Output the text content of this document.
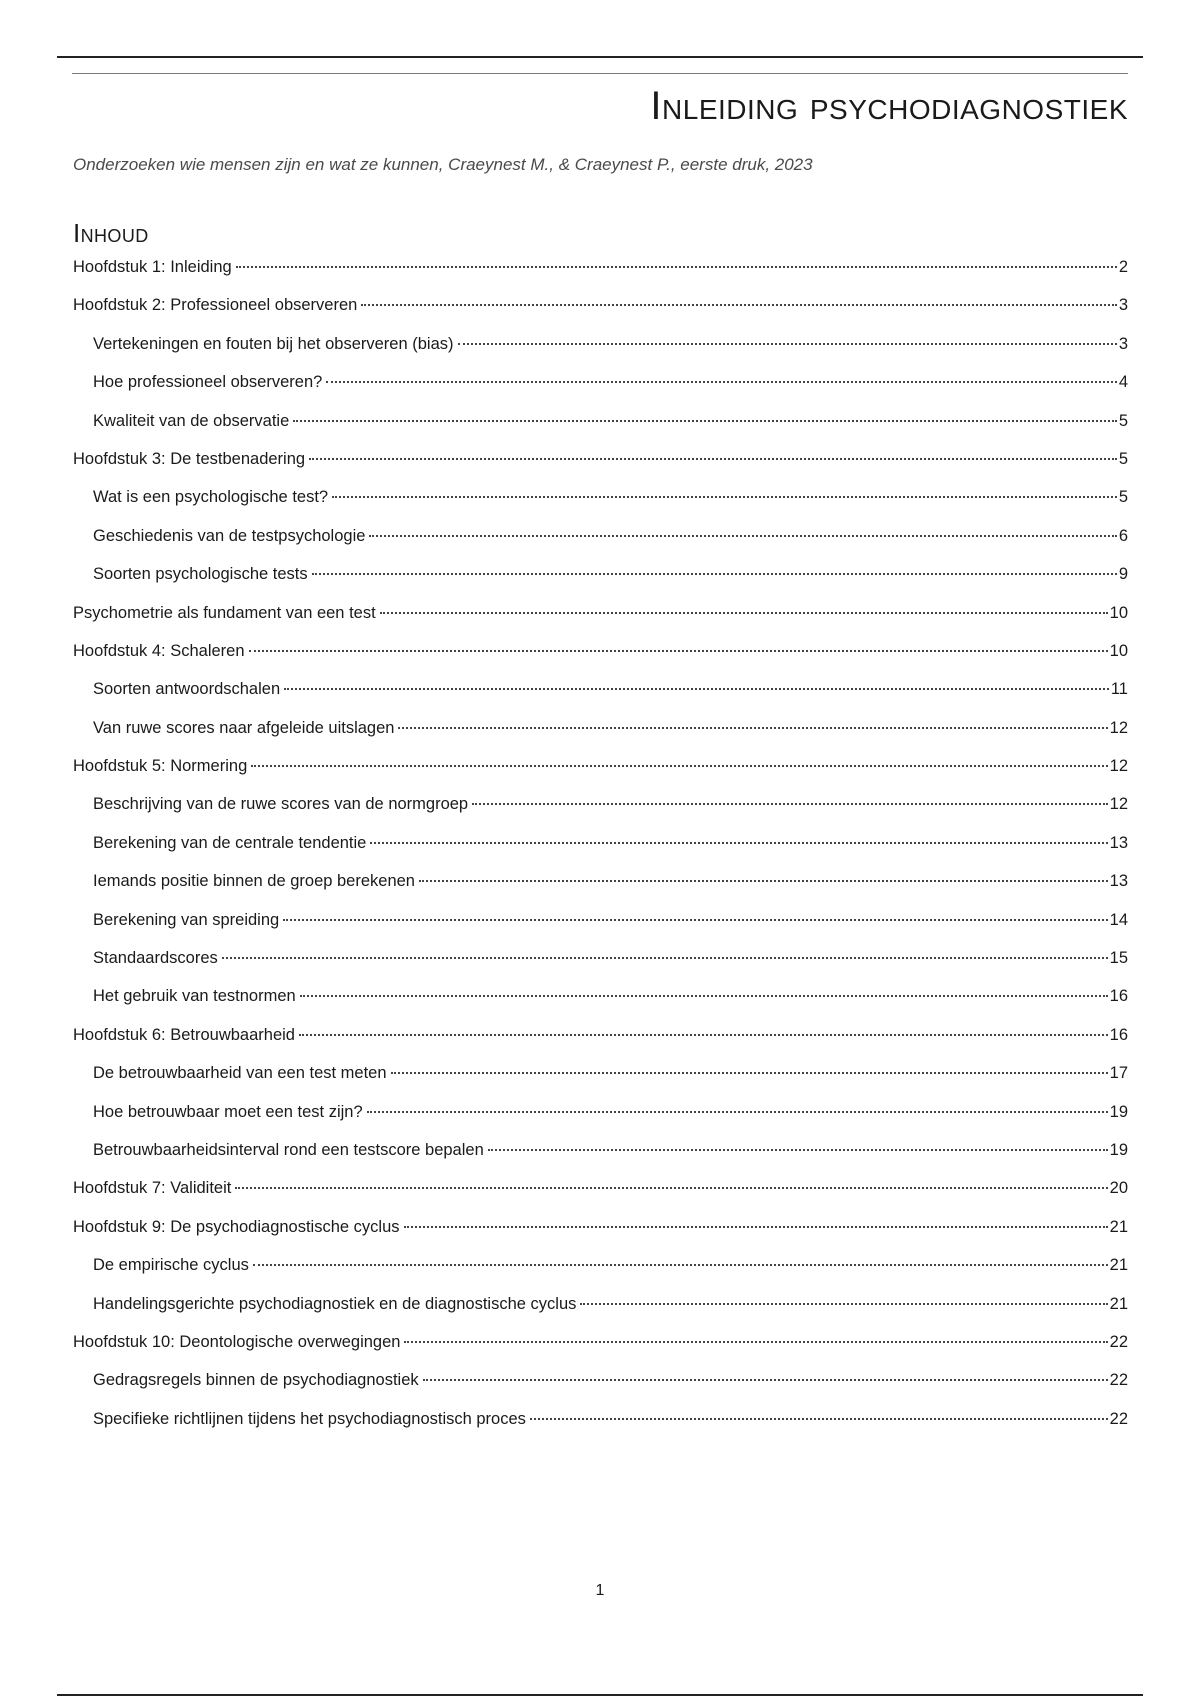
Inleiding psychodiagnostiek
Onderzoeken wie mensen zijn en wat ze kunnen, Craeynest M., & Craeynest P., eerste druk, 2023
Inhoud
Hoofdstuk 1: Inleiding	2
Hoofdstuk 2: Professioneel observeren	3
Vertekeningen en fouten bij het observeren (bias)	3
Hoe professioneel observeren?	4
Kwaliteit van de observatie	5
Hoofdstuk 3: De testbenadering	5
Wat is een psychologische test?	5
Geschiedenis van de testpsychologie	6
Soorten psychologische tests	9
Psychometrie als fundament van een test	10
Hoofdstuk 4: Schaleren	10
Soorten antwoordschalen	11
Van ruwe scores naar afgeleide uitslagen	12
Hoofdstuk 5: Normering	12
Beschrijving van de ruwe scores van de normgroep	12
Berekening van de centrale tendentie	13
Iemands positie binnen de groep berekenen	13
Berekening van spreiding	14
Standaardscores	15
Het gebruik van testnormen	16
Hoofdstuk 6: Betrouwbaarheid	16
De betrouwbaarheid van een test meten	17
Hoe betrouwbaar moet een test zijn?	19
Betrouwbaarheidsinterval rond een testscore bepalen	19
Hoofdstuk 7: Validiteit	20
Hoofdstuk 9: De psychodiagnostische cyclus	21
De empirische cyclus	21
Handelingsgerichte psychodiagnostiek en de diagnostische cyclus	21
Hoofdstuk 10: Deontologische overwegingen	22
Gedragsregels binnen de psychodiagnostiek	22
Specifieke richtlijnen tijdens het psychodiagnostisch proces	22
1
